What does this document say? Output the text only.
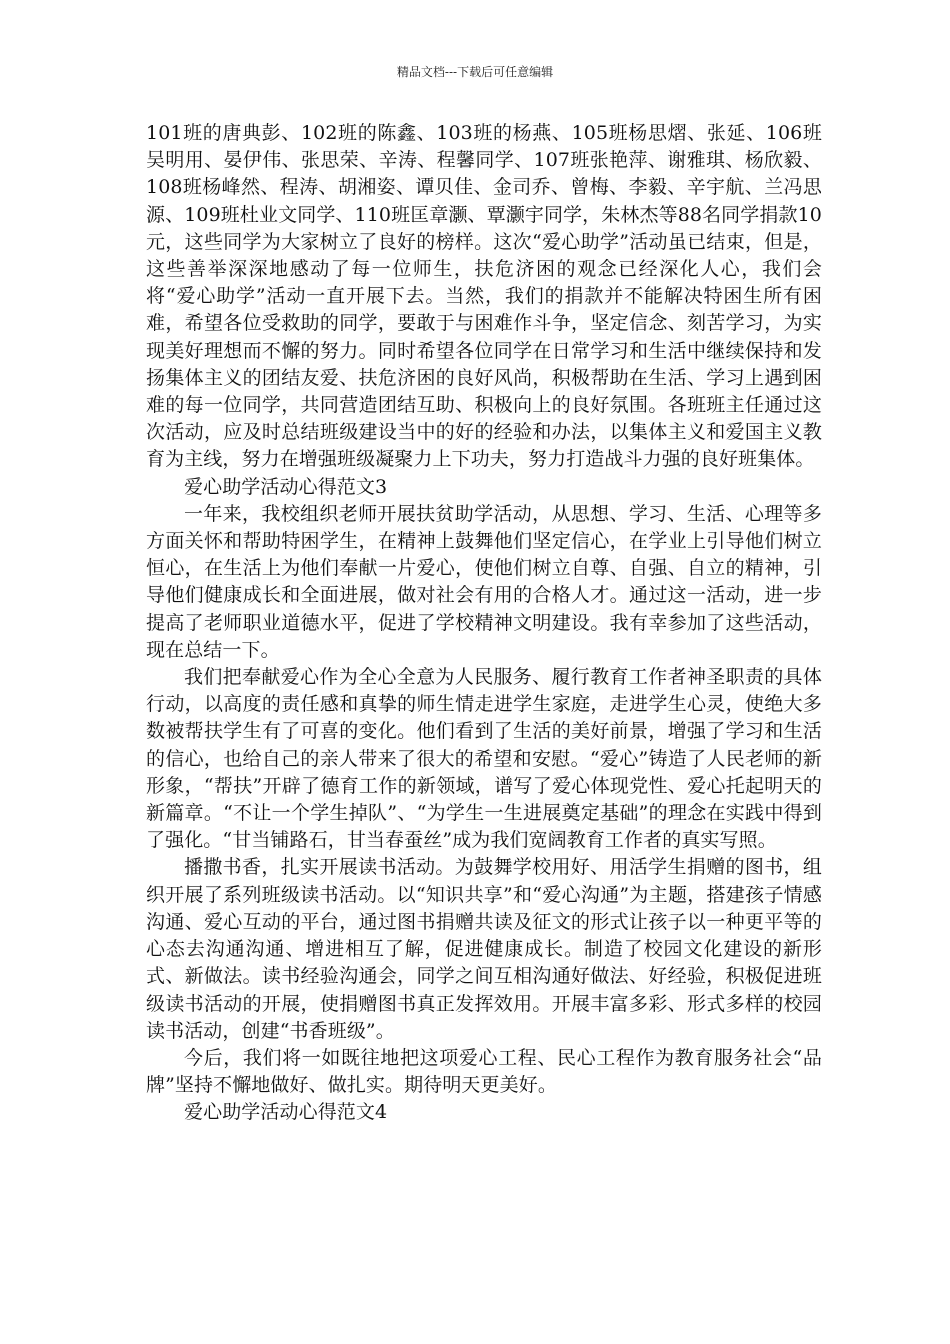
精品文档---下载后可任意编辑

101班的唐典彭、102班的陈鑫、103班的杨燕、105班杨思熠、张延、106班吴明用、晏伊伟、张思荣、辛涛、程馨同学、107班张艳萍、谢雅琪、杨欣毅、108班杨峰然、程涛、胡湘姿、谭贝佳、金司乔、曾梅、李毅、辛宇航、兰冯思源、109班杜业文同学、110班匡章灏、覃灏宇同学，朱林杰等88名同学捐款10元，这些同学为大家树立了良好的榜样。这次“爱心助学”活动虽已结束，但是，这些善举深深地感动了每一位师生，扶危济困的观念已经深化人心，我们会将“爱心助学”活动一直开展下去。当然，我们的捐款并不能解决特困生所有困难，希望各位受救助的同学，要敢于与困难作斗争，坚定信念、刻苦学习，为实现美好理想而不懈的努力。同时希望各位同学在日常学习和生活中继续保持和发扬集体主义的团结友爱、扶危济困的良好风尚，积极帮助在生活、学习上遇到困难的每一位同学，共同营造团结互助、积极向上的良好氛围。各班班主任通过这次活动，应及时总结班级建设当中的好的经验和办法，以集体主义和爱国主义教育为主线，努力在增强班级凝聚力上下功夫，努力打造战斗力强的良好班集体。

爱心助学活动心得范文3

一年来，我校组织老师开展扶贫助学活动，从思想、学习、生活、心理等多方面关怀和帮助特困学生，在精神上鼓舞他们坚定信心，在学业上引导他们树立恒心，在生活上为他们奉献一片爱心，使他们树立自尊、自强、自立的精神，引导他们健康成长和全面进展，做对社会有用的合格人才。通过这一活动，进一步提高了老师职业道德水平，促进了学校精神文明建设。我有幸参加了这些活动，现在总结一下。

我们把奉献爱心作为全心全意为人民服务、履行教育工作者神圣职责的具体行动，以高度的责任感和真挚的师生情走进学生家庭，走进学生心灵，使绝大多数被帮扶学生有了可喜的变化。他们看到了生活的美好前景，增强了学习和生活的信心，也给自己的亲人带来了很大的希望和安慰。“爱心”铸造了人民老师的新形象，“帮扶”开辟了德育工作的新领域，谱写了爱心体现党性、爱心托起明天的新篇章。“不让一个学生掉队”、“为学生一生进展奠定基础”的理念在实践中得到了强化。“甘当铺路石，甘当春蚕丝”成为我们宽阔教育工作者的真实写照。

播撒书香，扎实开展读书活动。为鼓舞学校用好、用活学生捐赠的图书，组织开展了系列班级读书活动。以“知识共享”和“爱心沟通”为主题，搭建孩子情感沟通、爱心互动的平台，通过图书捐赠共读及征文的形式让孩子以一种更平等的心态去沟通沟通、增进相互了解，促进健康成长。制造了校园文化建设的新形式、新做法。读书经验沟通会，同学之间互相沟通好做法、好经验，积极促进班级读书活动的开展，使捐赠图书真正发挥效用。开展丰富多彩、形式多样的校园读书活动，创建“书香班级”。

今后，我们将一如既往地把这项爱心工程、民心工程作为教育服务社会“品牌”坚持不懈地做好、做扎实。期待明天更美好。

爱心助学活动心得范文4
